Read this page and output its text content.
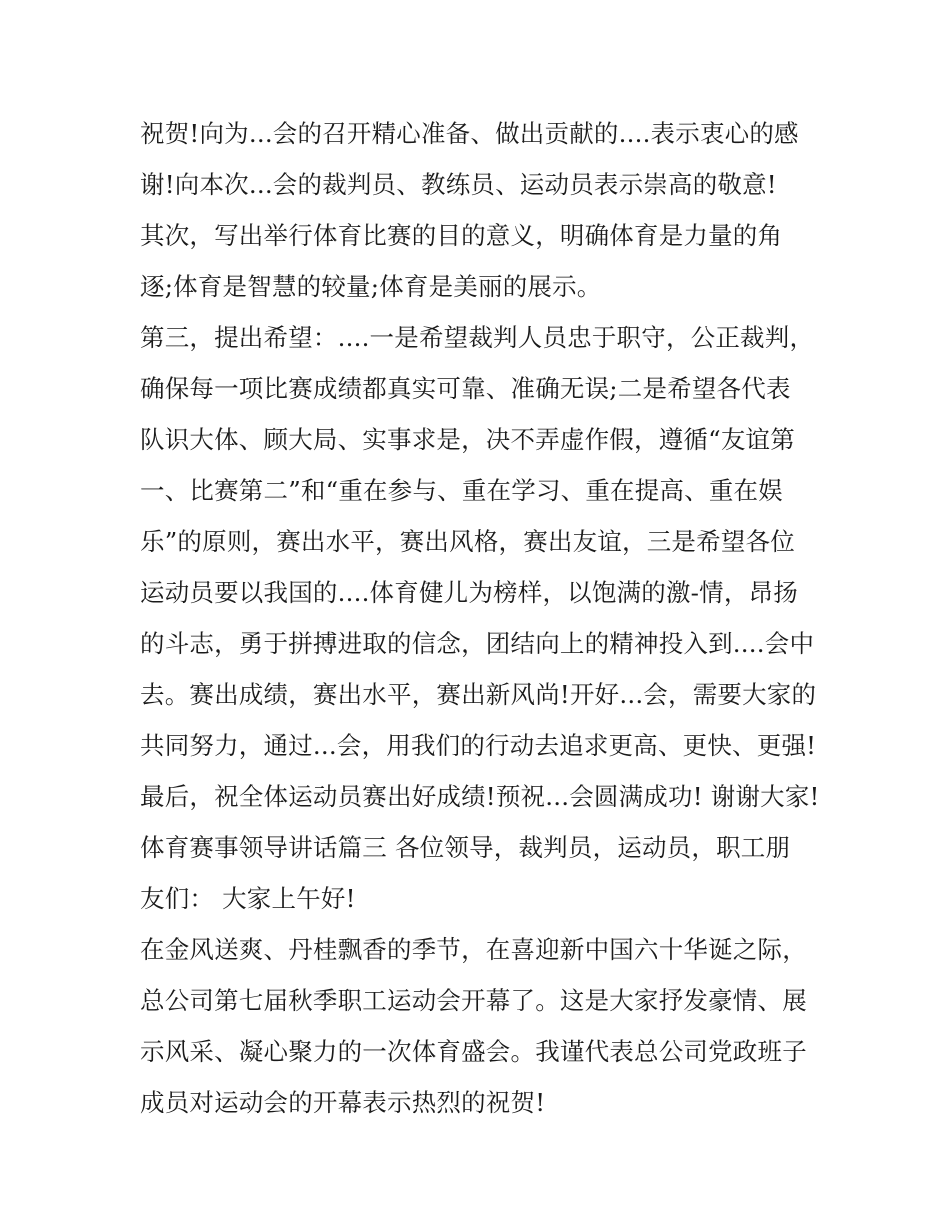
祝贺!向为...会的召开精心准备、做出贡献的....表示衷心的感
谢!向本次...会的裁判员、教练员、运动员表示崇高的敬意!
其次，写出举行体育比赛的目的意义，明确体育是力量的角
逐;体育是智慧的较量;体育是美丽的展示。
第三，提出希望：....一是希望裁判人员忠于职守，公正裁判，
确保每一项比赛成绩都真实可靠、准确无误;二是希望各代表
队识大体、顾大局、实事求是，决不弄虚作假，遵循“友谊第
一、比赛第二”和“重在参与、重在学习、重在提高、重在娱
乐”的原则，赛出水平，赛出风格，赛出友谊，三是希望各位
运动员要以我国的....体育健儿为榜样，以饱满的激-情，昂扬
的斗志，勇于拼搏进取的信念，团结向上的精神投入到....会中
去。赛出成绩，赛出水平，赛出新风尚!开好...会，需要大家的
共同努力，通过...会，用我们的行动去追求更高、更快、更强!
最后，祝全体运动员赛出好成绩!预祝...会圆满成功! 谢谢大家!
体育赛事领导讲话篇三 各位领导，裁判员，运动员，职工朋
友们： 大家上午好!
在金风送爽、丹桂飘香的季节，在喜迎新中国六十华诞之际，
总公司第七届秋季职工运动会开幕了。这是大家抒发豪情、展
示风采、凝心聚力的一次体育盛会。我谨代表总公司党政班子
成员对运动会的开幕表示热烈的祝贺!
